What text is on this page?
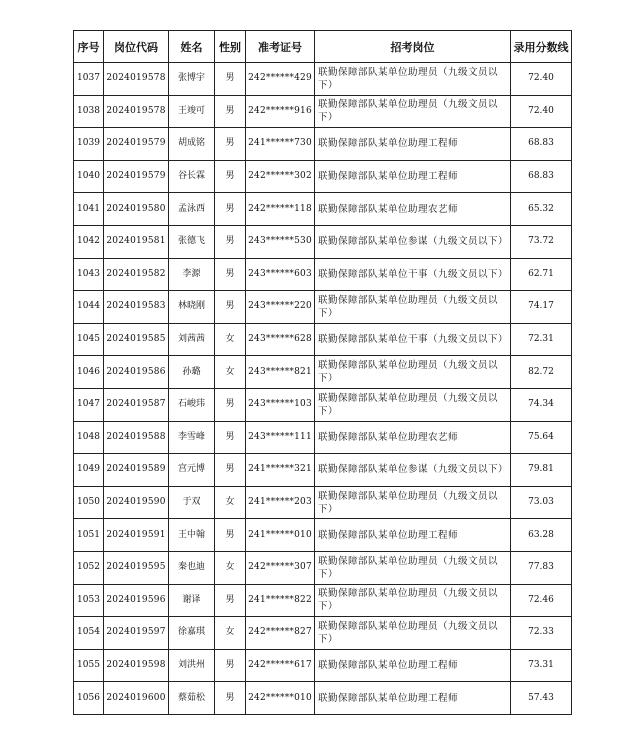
序号	岗位代码	姓名	性别	准考证号	招考岗位	录用分数线
1037	2024019578	张博宇	男	242******429	联勤保障部队某单位助理员（九级文员以下）	72.40
1038	2024019578	王竣可	男	242******916	联勤保障部队某单位助理员（九级文员以下）	72.40
1039	2024019579	胡成铭	男	241******730	联勤保障部队某单位助理工程师	68.83
1040	2024019579	谷长霖	男	242******302	联勤保障部队某单位助理工程师	68.83
1041	2024019580	孟泳西	男	242******118	联勤保障部队某单位助理农艺师	65.32
1042	2024019581	张德飞	男	243******530	联勤保障部队某单位参谋（九级文员以下）	73.72
1043	2024019582	李源	男	243******603	联勤保障部队某单位干事（九级文员以下）	62.71
1044	2024019583	林晓刚	男	243******220	联勤保障部队某单位助理员（九级文员以下）	74.17
1045	2024019585	刘茜茜	女	243******628	联勤保障部队某单位干事（九级文员以下）	72.31
1046	2024019586	孙璐	女	243******821	联勤保障部队某单位助理员（九级文员以下）	82.72
1047	2024019587	石峻玮	男	243******103	联勤保障部队某单位助理员（九级文员以下）	74.34
1048	2024019588	李雪峰	男	243******111	联勤保障部队某单位助理农艺师	75.64
1049	2024019589	宫元博	男	241******321	联勤保障部队某单位参谋（九级文员以下）	79.81
1050	2024019590	于双	女	241******203	联勤保障部队某单位助理员（九级文员以下）	73.03
1051	2024019591	王中翰	男	241******010	联勤保障部队某单位助理工程师	63.28
1052	2024019595	秦也迪	女	242******307	联勤保障部队某单位助理员（九级文员以下）	77.83
1053	2024019596	谢译	男	241******822	联勤保障部队某单位助理员（九级文员以下）	72.46
1054	2024019597	徐嘉琪	女	242******827	联勤保障部队某单位助理员（九级文员以下）	72.33
1055	2024019598	刘洪州	男	242******617	联勤保障部队某单位助理工程师	73.31
1056	2024019600	蔡茹松	男	242******010	联勤保障部队某单位助理工程师	57.43
